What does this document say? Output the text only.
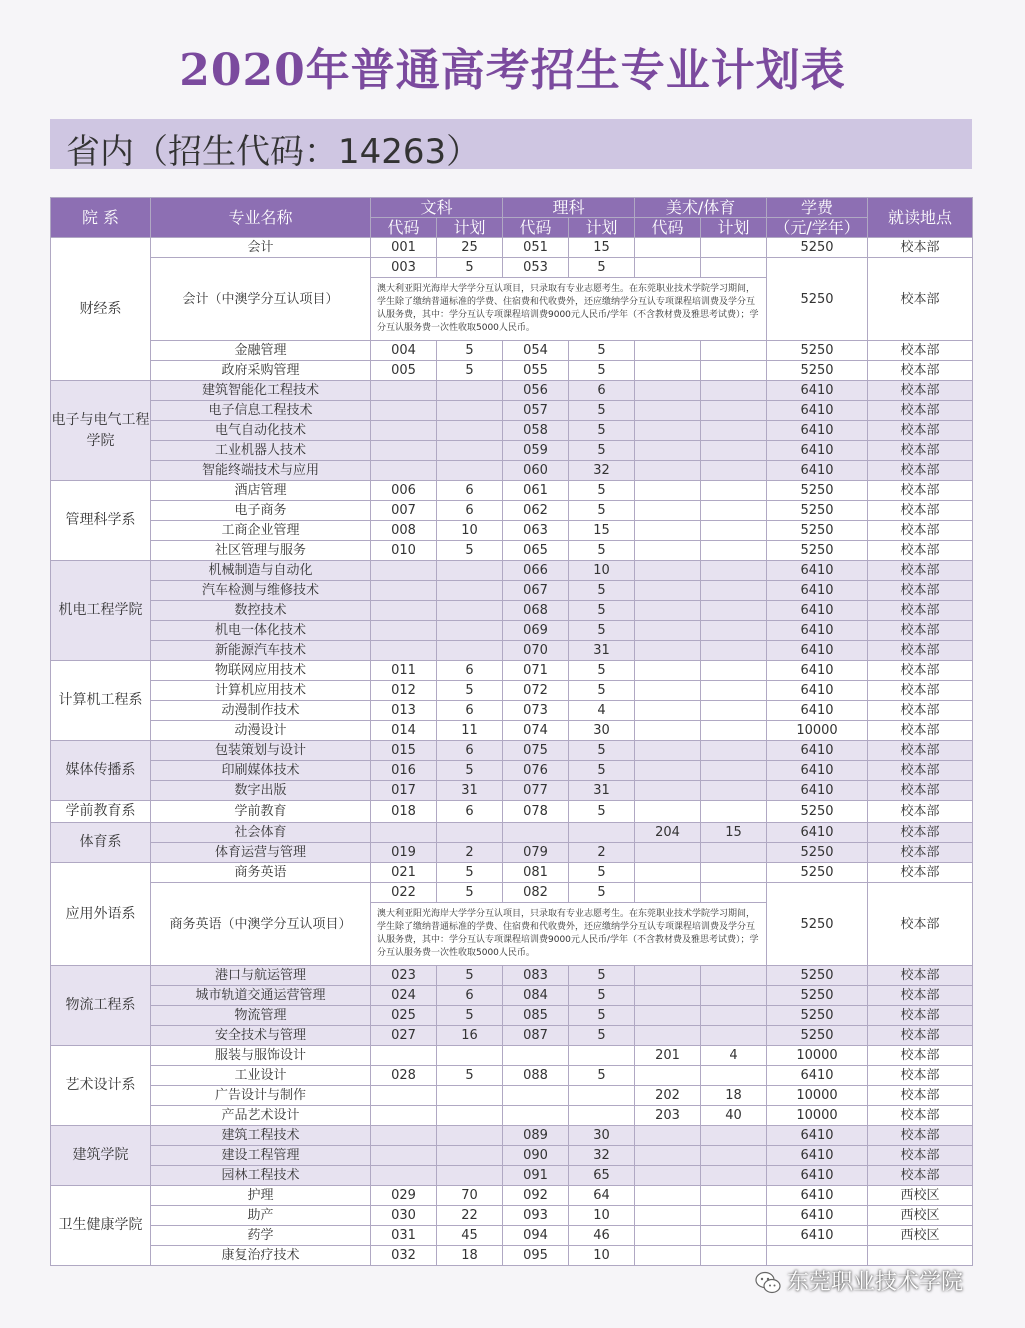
2020年普通高考招生专业计划表
省内（招生代码：14263）
院 系	专业名称	文科		理科		美术/体育		学费	就读地点
		代码	计划	代码	计划	代码	计划	（元/学年）	
财经系	会计	001	25	051	15			5250	校本部
	会计（中澳学分互认项目）	003	5	053	5			5250	校本部
		澳大利亚阳光海岸大学学分互认项目，只录取有专业志愿考生。在东莞职业技术学院学习期间，学生除了缴纳普通标准的学费、住宿费和代收费外，还应缴纳学分互认专项课程培训费及学分互认服务费，其中：学分互认专项课程培训费9000元人民币/学年（不含教材费及雅思考试费）；学分互认服务费一次性收取5000人民币。							
	金融管理	004	5	054	5			5250	校本部
	政府采购管理	005	5	055	5			5250	校本部
电子与电气工程学院	建筑智能化工程技术			056	6			6410	校本部
	电子信息工程技术			057	5			6410	校本部
	电气自动化技术			058	5			6410	校本部
	工业机器人技术			059	5			6410	校本部
	智能终端技术与应用			060	32			6410	校本部
管理科学系	酒店管理	006	6	061	5			5250	校本部
	电子商务	007	6	062	5			5250	校本部
	工商企业管理	008	10	063	15			5250	校本部
	社区管理与服务	010	5	065	5			5250	校本部
机电工程学院	机械制造与自动化			066	10			6410	校本部
	汽车检测与维修技术			067	5			6410	校本部
	数控技术			068	5			6410	校本部
	机电一体化技术			069	5			6410	校本部
	新能源汽车技术			070	31			6410	校本部
计算机工程系	物联网应用技术	011	6	071	5			6410	校本部
	计算机应用技术	012	5	072	5			6410	校本部
	动漫制作技术	013	6	073	4			6410	校本部
	动漫设计	014	11	074	30			10000	校本部
媒体传播系	包装策划与设计	015	6	075	5			6410	校本部
	印刷媒体技术	016	5	076	5			6410	校本部
	数字出版	017	31	077	31			6410	校本部
学前教育系	学前教育	018	6	078	5			5250	校本部
体育系	社会体育					204	15	6410	校本部
	体育运营与管理	019	2	079	2			5250	校本部
应用外语系	商务英语	021	5	081	5			5250	校本部
	商务英语（中澳学分互认项目）	022	5	082	5			5250	校本部
		澳大利亚阳光海岸大学学分互认项目，只录取有专业志愿考生。在东莞职业技术学院学习期间，学生除了缴纳普通标准的学费、住宿费和代收费外，还应缴纳学分互认专项课程培训费及学分互认服务费，其中：学分互认专项课程培训费9000元人民币/学年（不含教材费及雅思考试费）；学分互认服务费一次性收取5000人民币。							
物流工程系	港口与航运管理	023	5	083	5			5250	校本部
	城市轨道交通运营管理	024	6	084	5			5250	校本部
	物流管理	025	5	085	5			5250	校本部
	安全技术与管理	027	16	087	5			5250	校本部
艺术设计系	服装与服饰设计					201	4	10000	校本部
	工业设计	028	5	088	5			6410	校本部
	广告设计与制作					202	18	10000	校本部
	产品艺术设计					203	40	10000	校本部
建筑学院	建筑工程技术			089	30			6410	校本部
	建设工程管理			090	32			6410	校本部
	园林工程技术			091	65			6410	校本部
卫生健康学院	护理	029	70	092	64			6410	西校区
	助产	030	22	093	10			6410	西校区
	药学	031	45	094	46			6410	西校区
	康复治疗技术	032	18	095	10				
东莞职业技术学院
